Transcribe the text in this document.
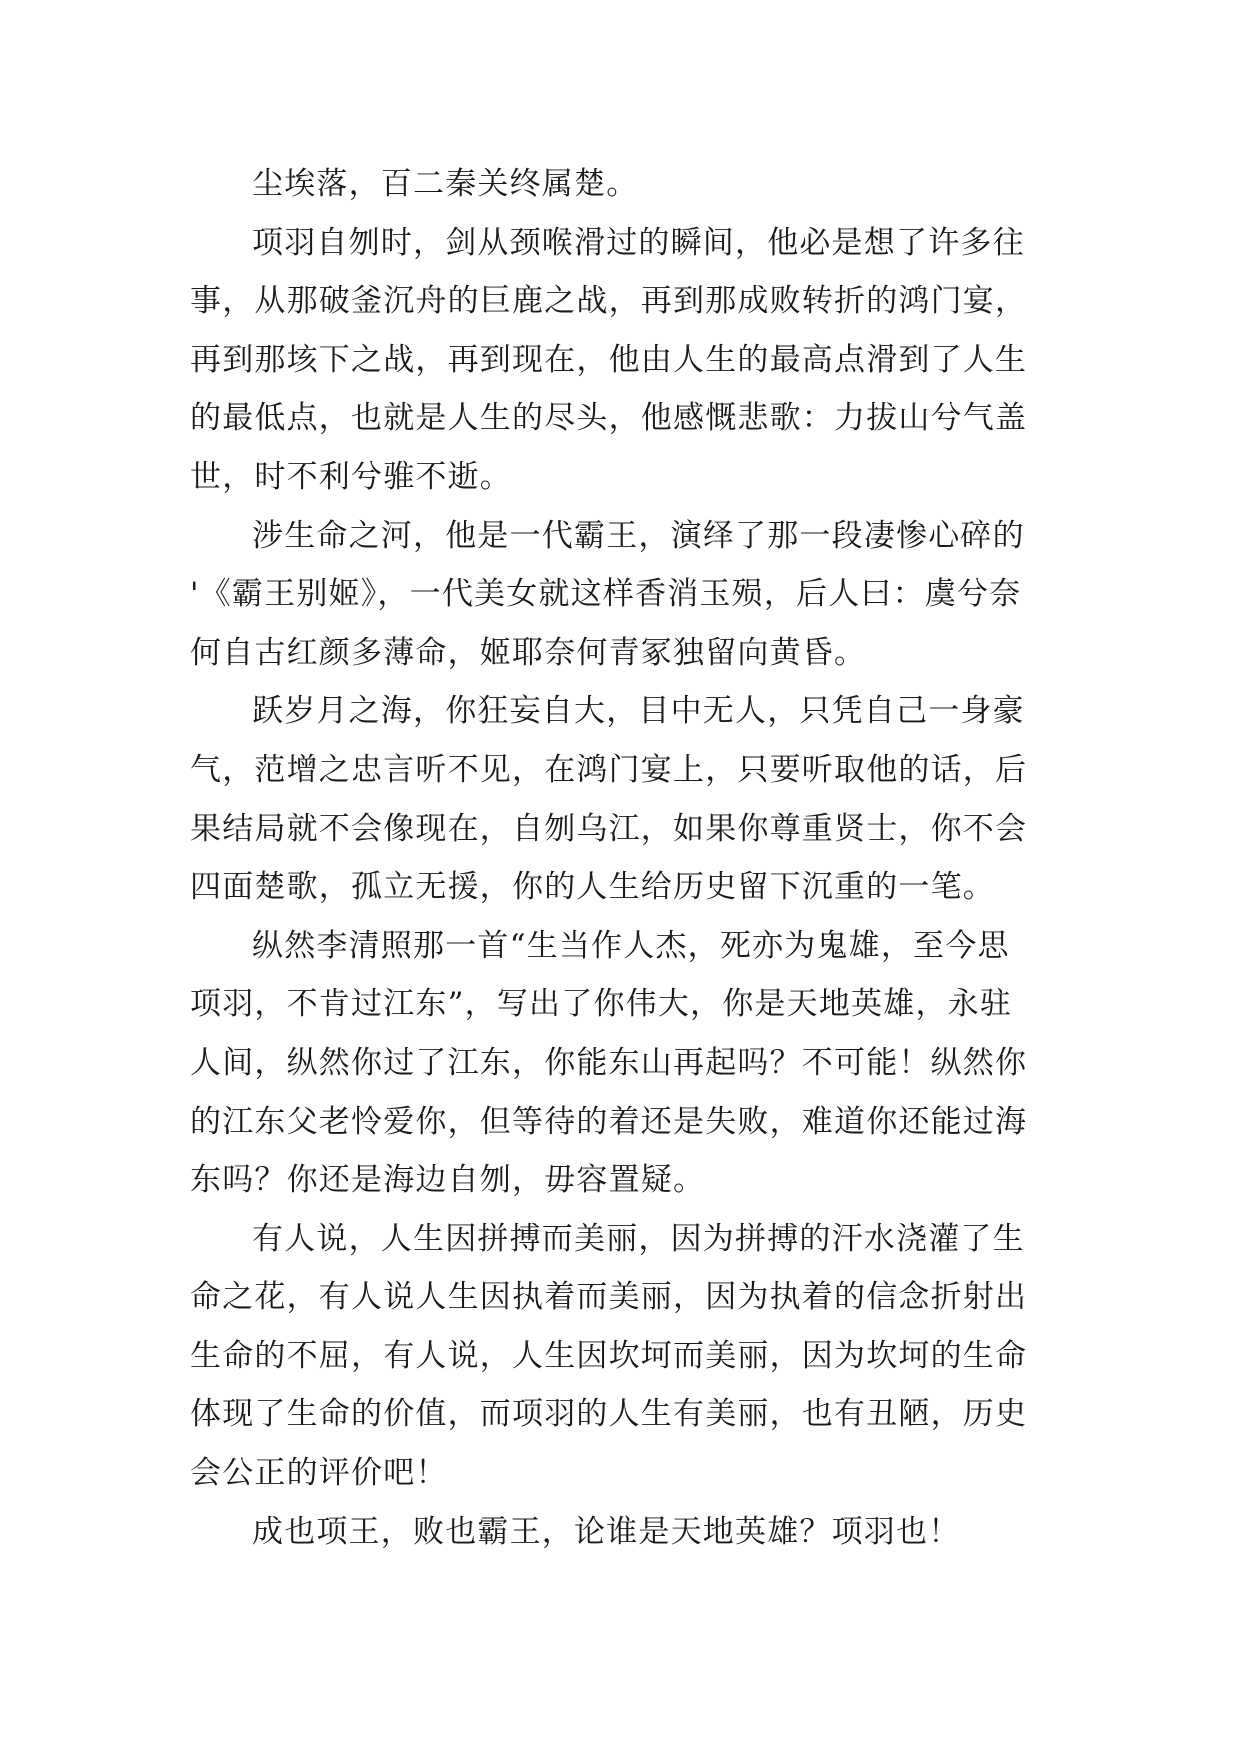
尘埃落，百二秦关终属楚。

项羽自刎时，剑从颈喉滑过的瞬间，他必是想了许多往
事，从那破釜沉舟的巨鹿之战，再到那成败转折的鸿门宴，
再到那垓下之战，再到现在，他由人生的最高点滑到了人生
的最低点，也就是人生的尽头，他感慨悲歌：力拔山兮气盖
世，时不利兮骓不逝。

涉生命之河，他是一代霸王，演绎了那一段凄惨心碎的
'《霸王别姬》，一代美女就这样香消玉殒，后人曰：虞兮奈
何自古红颜多薄命，姬耶奈何青冢独留向黄昏。

跃岁月之海，你狂妄自大，目中无人，只凭自己一身豪
气，范增之忠言听不见，在鸿门宴上，只要听取他的话，后
果结局就不会像现在，自刎乌江，如果你尊重贤士，你不会
四面楚歌，孤立无援，你的人生给历史留下沉重的一笔。

纵然李清照那一首“生当作人杰，死亦为鬼雄，至今思
项羽，不肯过江东”，写出了你伟大，你是天地英雄，永驻
人间，纵然你过了江东，你能东山再起吗？不可能！纵然你
的江东父老怜爱你，但等待的着还是失败，难道你还能过海
东吗？你还是海边自刎，毋容置疑。

有人说，人生因拼搏而美丽，因为拼搏的汗水浇灌了生
命之花，有人说人生因执着而美丽，因为执着的信念折射出
生命的不屈，有人说，人生因坎坷而美丽，因为坎坷的生命
体现了生命的价值，而项羽的人生有美丽，也有丑陋，历史
会公正的评价吧！

成也项王，败也霸王，论谁是天地英雄？项羽也！
